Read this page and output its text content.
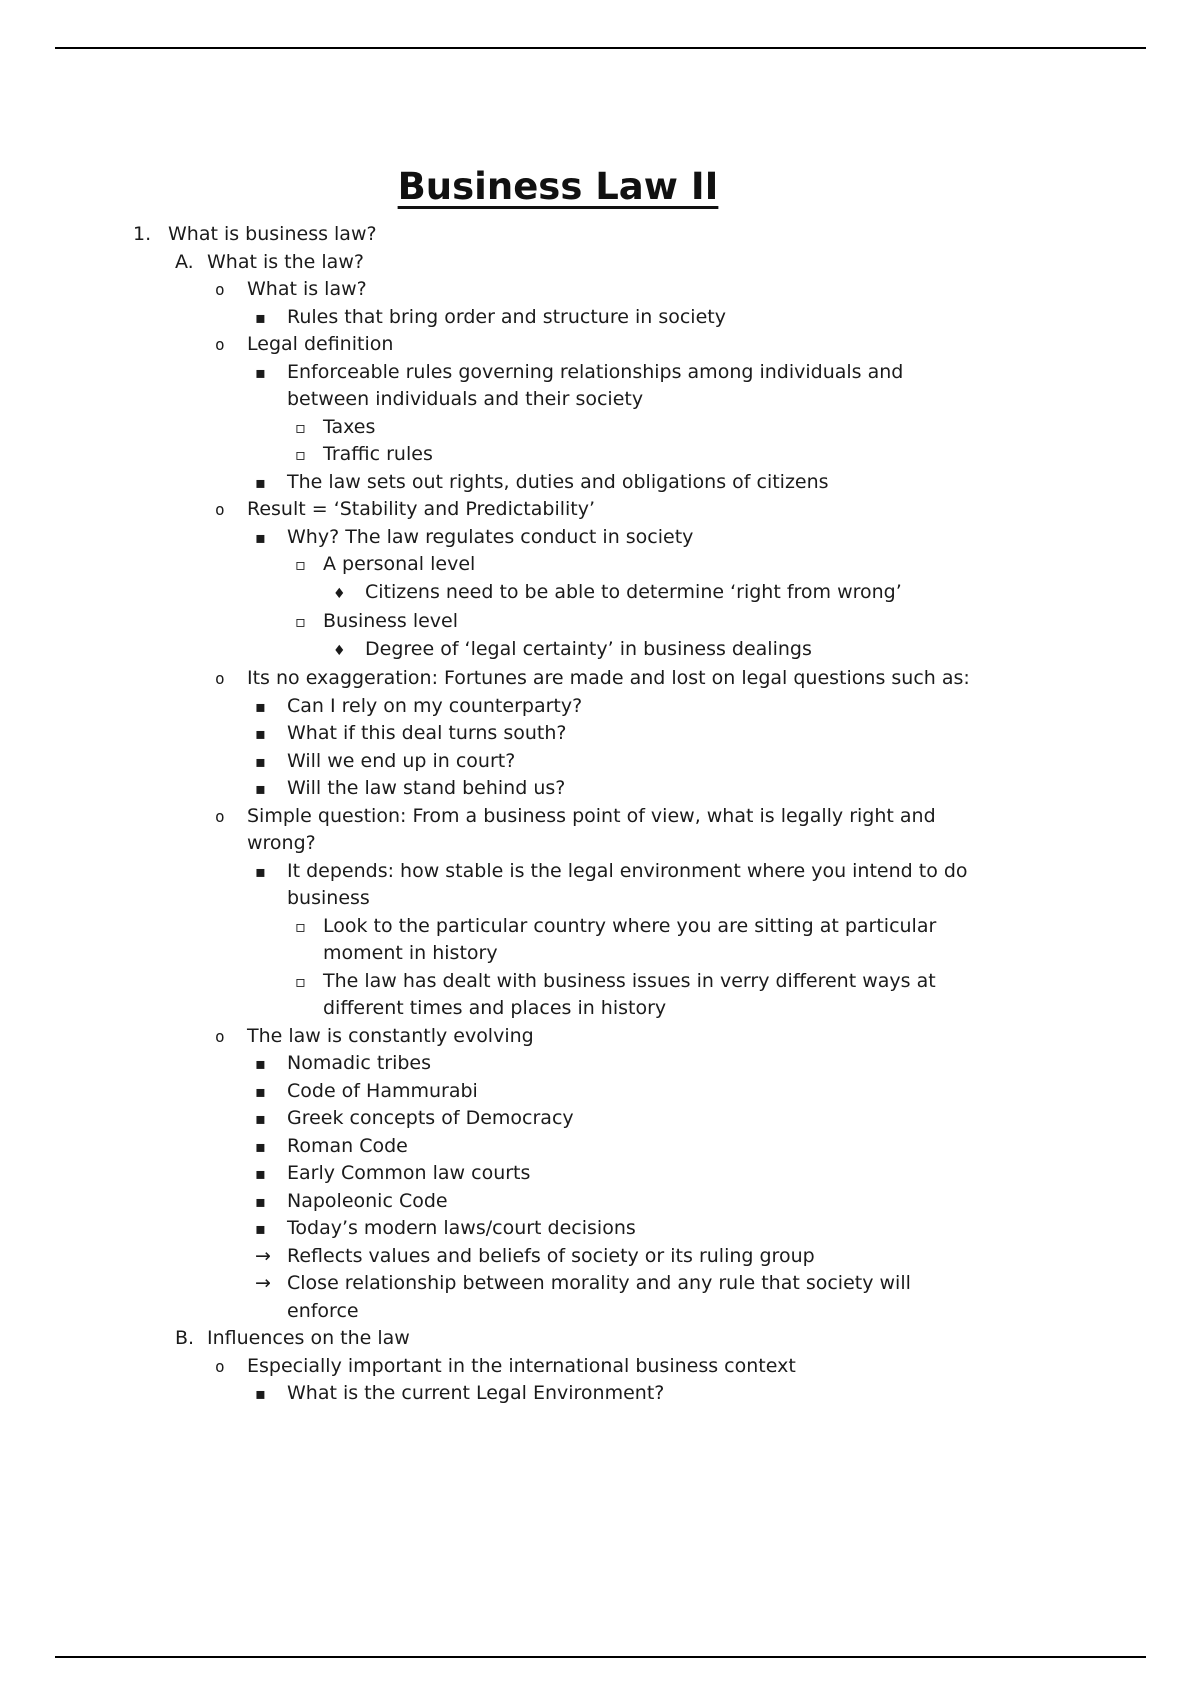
Business Law II
1. What is business law?
A. What is the law?
o	What is law?
▪	Rules that bring order and structure in society
o	Legal definition
▪	Enforceable rules governing relationships among individuals and between individuals and their society
▫ Taxes
▫ Traffic rules
▪	The law sets out rights, duties and obligations of citizens
o	Result = ‘Stability and Predictability’
▪	Why? The law regulates conduct in society
▫ A personal level
♦	Citizens need to be able to determine ‘right from wrong’
▫ Business level
♦	Degree of ‘legal certainty’ in business dealings
o	Its no exaggeration: Fortunes are made and lost on legal questions such as:
▪	Can I rely on my counterparty?
▪	What if this deal turns south?
▪	Will we end up in court?
▪	Will the law stand behind us?
o	Simple question: From a business point of view, what is legally right and wrong?
▪	It depends: how stable is the legal environment where you intend to do business
▫ Look to the particular country where you are sitting at particular moment in history
▫ The law has dealt with business issues in verry different ways at different times and places in history
o	The law is constantly evolving
▪	Nomadic tribes
▪	Code of Hammurabi
▪	Greek concepts of Democracy
▪	Roman Code
▪	Early Common law courts
▪	Napoleonic Code
▪	Today’s modern laws/court decisions
→ Reflects values and beliefs of society or its ruling group
→ Close relationship between morality and any rule that society will enforce
B. Influences on the law
o	Especially important in the international business context
▪	What is the current Legal Environment?
